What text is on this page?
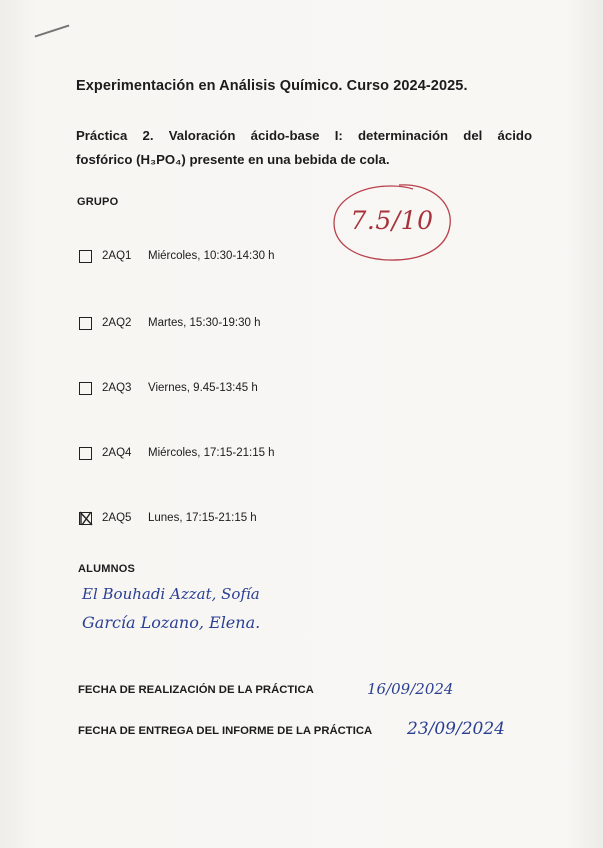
Experimentación en Análisis Químico. Curso 2024-2025.
Práctica 2. Valoración ácido-base I: determinación del ácido
fosfórico (H₃PO₄) presente en una bebida de cola.
GRUPO
7.5/10
2AQ1	Miércoles, 10:30-14:30 h
2AQ2	Martes, 15:30-19:30 h
2AQ3	Viernes, 9.45-13:45 h
2AQ4	Miércoles, 17:15-21:15 h
2AQ5	Lunes, 17:15-21:15 h
ALUMNOS
El Bouhadi Azzat, Sofía
García Lozano, Elena.
FECHA DE REALIZACIÓN DE LA PRÁCTICA	16/09/2024
FECHA DE ENTREGA DEL INFORME DE LA PRÁCTICA 23/09/2024
